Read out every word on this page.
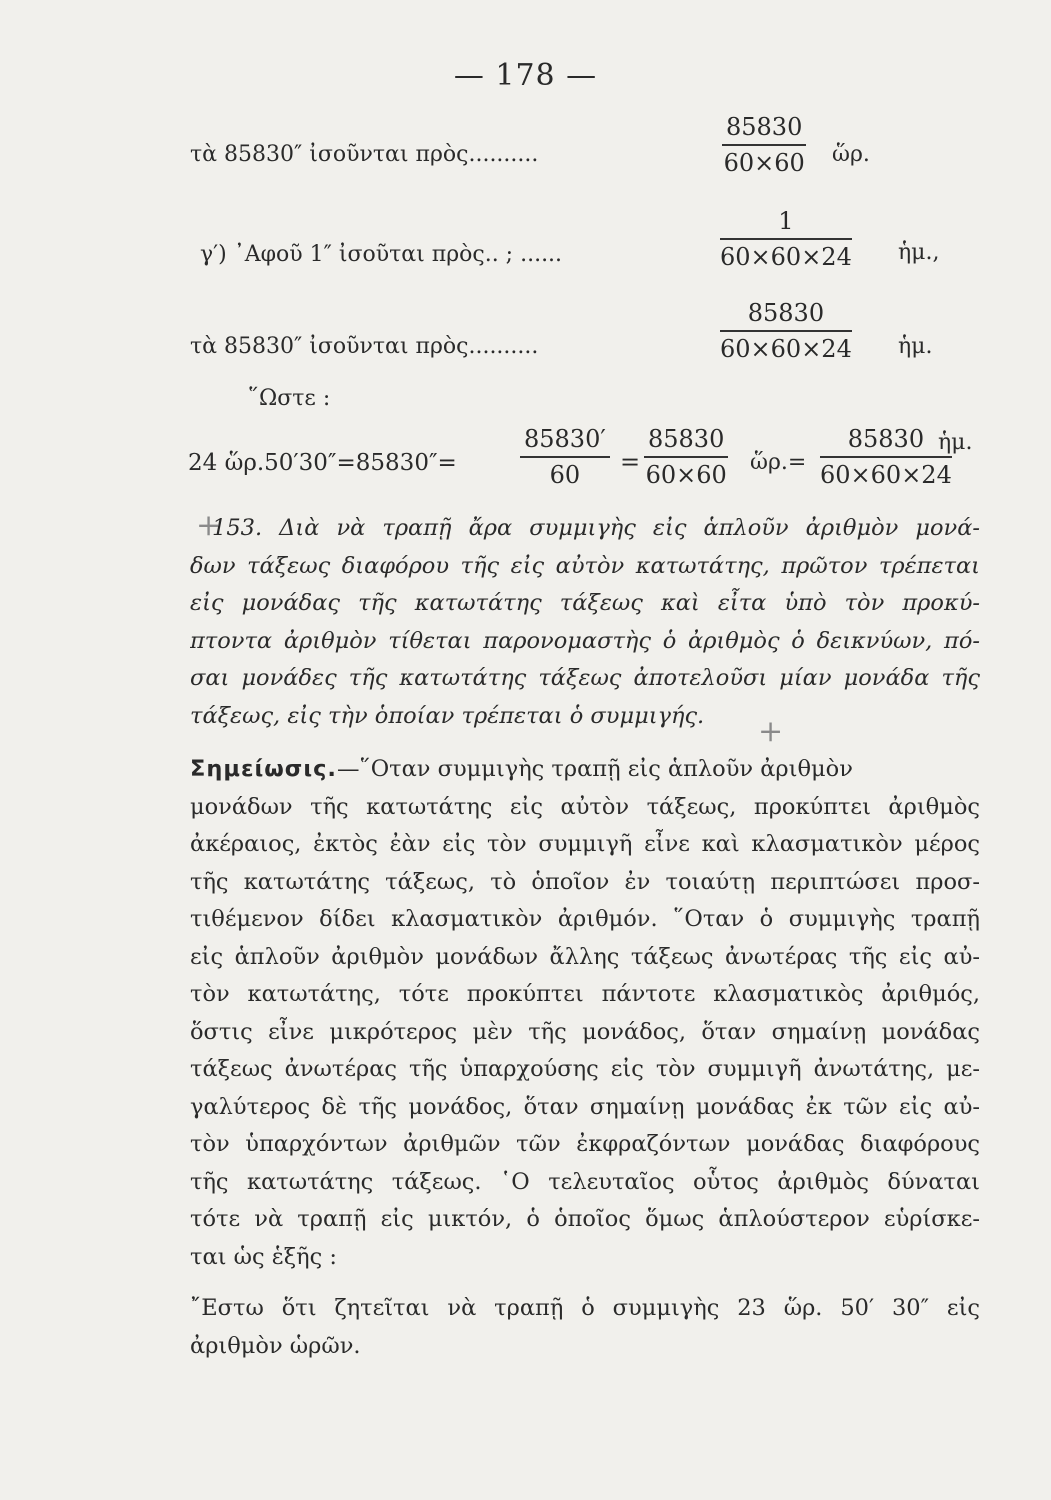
— 178 —
τὰ 85830″ ἰσοῦνται πρὸς..........	$\frac{85830}{60\times 60}$ ὥρ.
γ′) ᾿Αφοῦ 1″ ἰσοῦται πρὸς.. ; ......	$\frac{1}{60\times 60\times 24}$ ἡμ.,
τὰ 85830″ ἰσοῦνται πρὸς..........	$\frac{85830}{60\times 60\times 24}$ ἡμ.
῞Ωστε :
24 ὥρ.50′30″=85830″=	$\frac{85830'}{60} = \frac{85830}{60\times 60}$ ὥρ.= $\frac{85830}{60\times 60\times 24}$
ἡμ.
+
+
153. Διὰ νὰ τραπῇ ἄρα συμμιγὴς εἰς ἁπλοῦν ἀριθμὸν μονά-
δων τάξεως διαφόρου τῆς εἰς αὐτὸν κατωτάτης, πρῶτον τρέπεται
εἰς μονάδας τῆς κατωτάτης τάξεως καὶ εἶτα ὑπὸ τὸν προκύ-
πτοντα ἀριθμὸν τίθεται παρονομαστὴς ὁ ἀριθμὸς ὁ δεικνύων, πό-
σαι μονάδες τῆς κατωτάτης τάξεως ἀποτελοῦσι μίαν μονάδα τῆς
τάξεως, εἰς τὴν ὁποίαν τρέπεται ὁ συμμιγής.
Σημείωσις.—῞Οταν συμμιγὴς τραπῇ εἰς ἁπλοῦν ἀριθμὸν
μονάδων τῆς κατωτάτης εἰς αὐτὸν τάξεως, προκύπτει ἀριθμὸς
ἀκέραιος, ἐκτὸς ἐὰν εἰς τὸν συμμιγῆ εἶνε καὶ κλασματικὸν μέρος
τῆς κατωτάτης τάξεως, τὸ ὁποῖον ἐν τοιαύτῃ περιπτώσει προσ-
τιθέμενον δίδει κλασματικὸν ἀριθμόν. ῞Οταν ὁ συμμιγὴς τραπῇ
εἰς ἁπλοῦν ἀριθμὸν μονάδων ἄλλης τάξεως ἀνωτέρας τῆς εἰς αὐ-
τὸν κατωτάτης, τότε προκύπτει πάντοτε κλασματικὸς ἀριθμός,
ὅστις εἶνε μικρότερος μὲν τῆς μονάδος, ὅταν σημαίνῃ μονάδας
τάξεως ἀνωτέρας τῆς ὑπαρχούσης εἰς τὸν συμμιγῆ ἀνωτάτης, με-
γαλύτερος δὲ τῆς μονάδος, ὅταν σημαίνῃ μονάδας ἐκ τῶν εἰς αὐ-
τὸν ὑπαρχόντων ἀριθμῶν τῶν ἐκφραζόντων μονάδας διαφόρους
τῆς κατωτάτης τάξεως. ῾Ο τελευταῖος οὗτος ἀριθμὸς δύναται
τότε νὰ τραπῇ εἰς μικτόν, ὁ ὁποῖος ὅμως ἁπλούστερον εὑρίσκε-
ται ὡς ἑξῆς :
῎Εστω ὅτι ζητεῖται νὰ τραπῇ ὁ συμμιγὴς 23 ὥρ. 50′ 30″ εἰς
ἀριθμὸν ὡρῶν.
